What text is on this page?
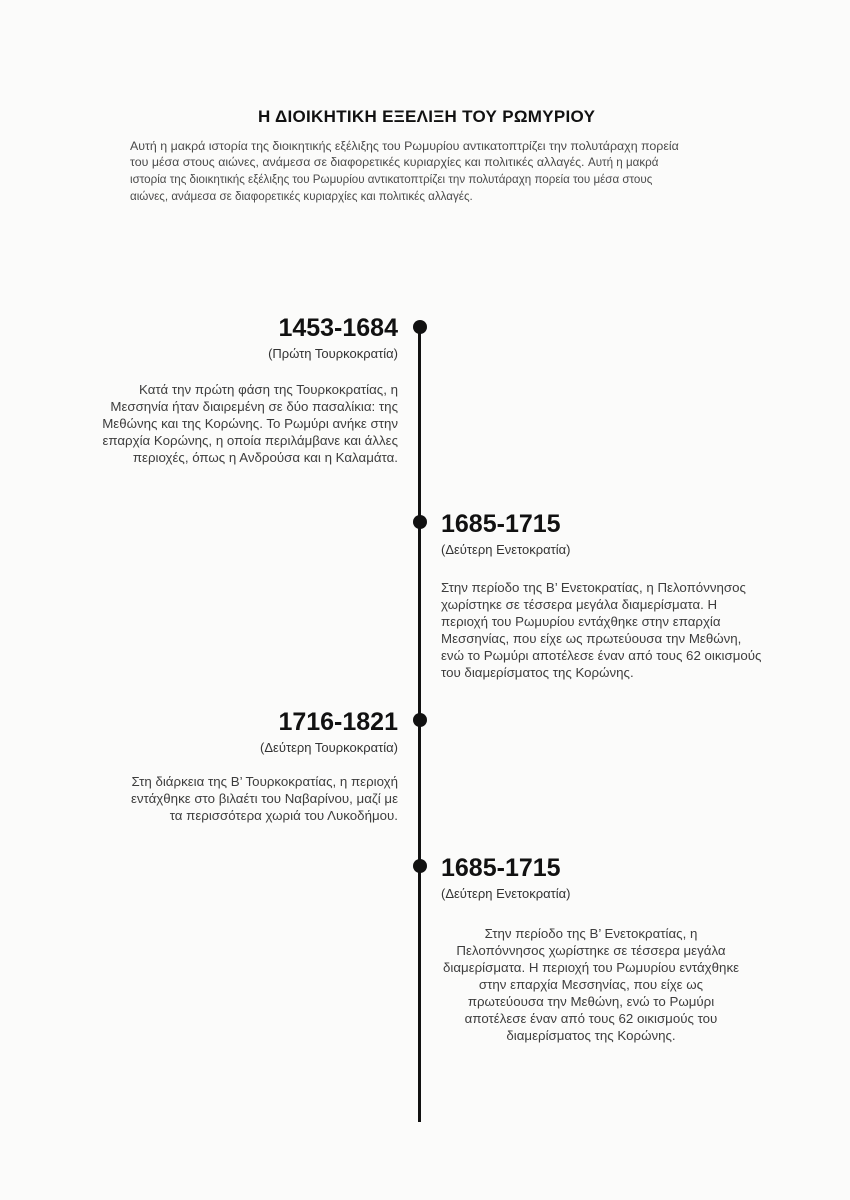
Η ΔΙΟΙΚΗΤΙΚΗ ΕΞΕΛΙΞΗ ΤΟΥ ΡΩΜΥΡΙΟΥ
Αυτή η μακρά ιστορία της διοικητικής εξέλιξης του Ρωμυρίου αντικατοπτρίζει την πολυτάραχη πορεία του μέσα στους αιώνες, ανάμεσα σε διαφορετικές κυριαρχίες και πολιτικές αλλαγές. Αυτή η μακρά ιστορία της διοικητικής εξέλιξης του Ρωμυρίου αντικατοπτρίζει την πολυτάραχη πορεία του μέσα στους αιώνες, ανάμεσα σε διαφορετικές κυριαρχίες και πολιτικές αλλαγές.
1453-1684
(Πρώτη Τουρκοκρατία)
Κατά την πρώτη φάση της Τουρκοκρατίας, η Μεσσηνία ήταν διαιρεμένη σε δύο πασαλίκια: της Μεθώνης και της Κορώνης. Το Ρωμύρι ανήκε στην επαρχία Κορώνης, η οποία περιλάμβανε και άλλες περιοχές, όπως η Ανδρούσα και η Καλαμάτα.
1685-1715
(Δεύτερη Ενετοκρατία)
Στην περίοδο της Β’ Ενετοκρατίας, η Πελοπόννησος χωρίστηκε σε τέσσερα μεγάλα διαμερίσματα. Η περιοχή του Ρωμυρίου εντάχθηκε στην επαρχία Μεσσηνίας, που είχε ως πρωτεύουσα την Μεθώνη, ενώ το Ρωμύρι αποτέλεσε έναν από τους 62 οικισμούς του διαμερίσματος της Κορώνης.
1716-1821
(Δεύτερη Τουρκοκρατία)
Στη διάρκεια της Β’ Τουρκοκρατίας, η περιοχή εντάχθηκε στο βιλαέτι του Ναβαρίνου, μαζί με τα περισσότερα χωριά του Λυκοδήμου.
1685-1715
(Δεύτερη Ενετοκρατία)
Στην περίοδο της Β’ Ενετοκρατίας, η Πελοπόννησος χωρίστηκε σε τέσσερα μεγάλα διαμερίσματα. Η περιοχή του Ρωμυρίου εντάχθηκε στην επαρχία Μεσσηνίας, που είχε ως πρωτεύουσα την Μεθώνη, ενώ το Ρωμύρι αποτέλεσε έναν από τους 62 οικισμούς του διαμερίσματος της Κορώνης.
